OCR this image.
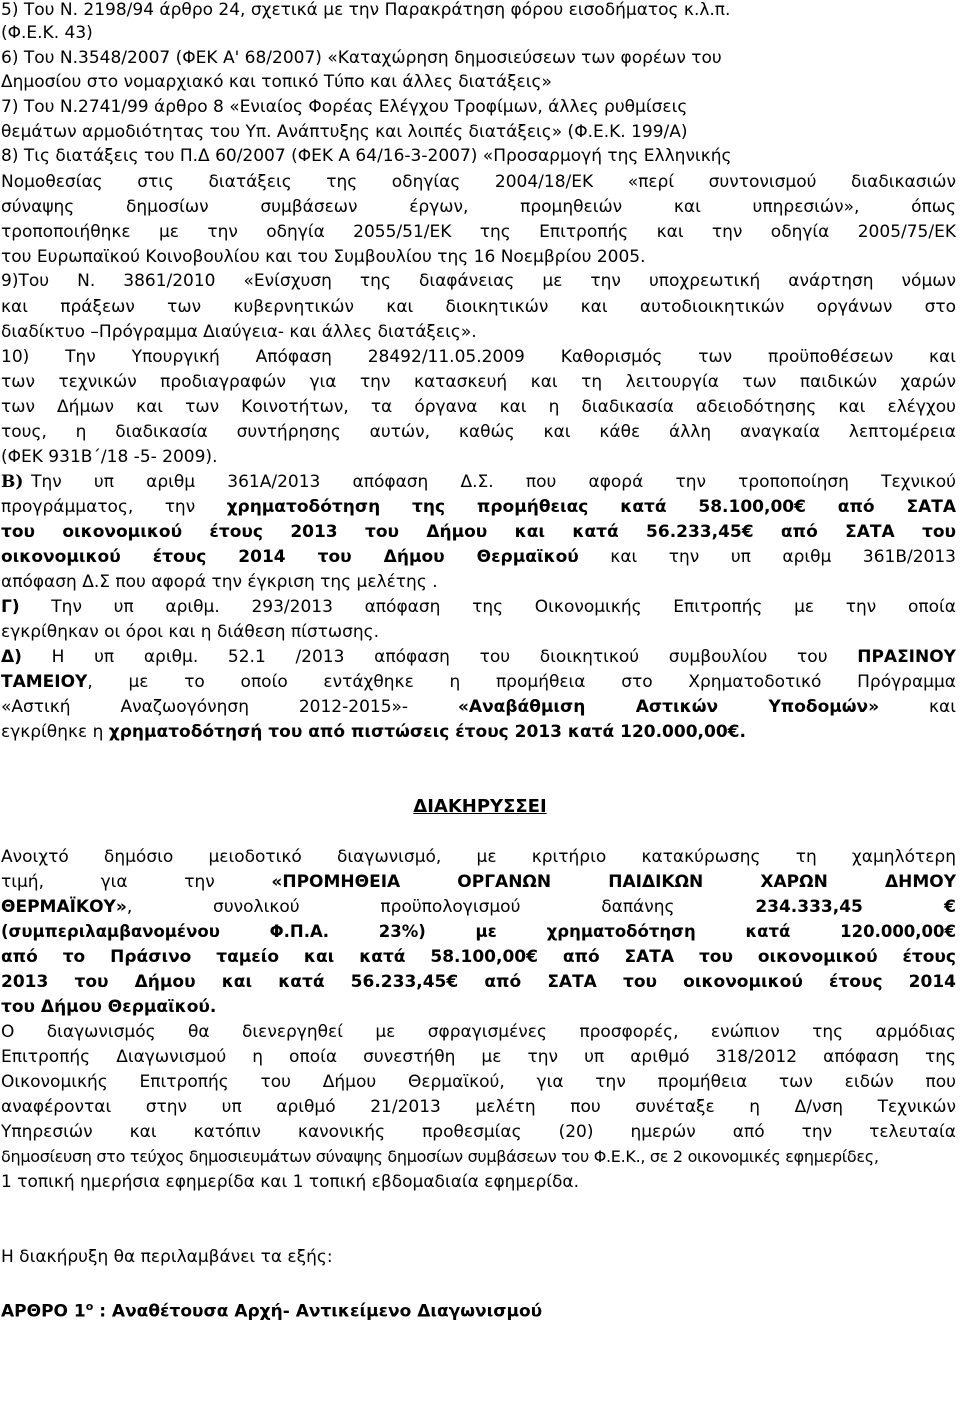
5) Του Ν. 2198/94 άρθρο 24, σχετικά με την Παρακράτηση φόρου εισοδήματος κ.λ.π.

(Φ.Ε.Κ. 43)

6) Του Ν.3548/2007 (ΦΕΚ Α' 68/2007) «Καταχώρηση δημοσιεύσεων των φορέων του

Δημοσίου στο νομαρχιακό και τοπικό Τύπο και άλλες διατάξεις»

7) Του Ν.2741/99 άρθρο 8 «Ενιαίος Φορέας Ελέγχου Τροφίμων, άλλες ρυθμίσεις

θεμάτων αρμοδιότητας του Υπ. Ανάπτυξης και λοιπές διατάξεις» (Φ.Ε.Κ. 199/Α)

8) Τις διατάξεις του Π.Δ 60/2007 (ΦΕΚ Α 64/16-3-2007) «Προσαρμογή της Ελληνικής

Νομοθεσίας στις διατάξεις της οδηγίας 2004/18/ΕΚ «περί συντονισμού διαδικασιών

σύναψης δημοσίων συμβάσεων έργων, προμηθειών και υπηρεσιών», όπως

τροποποιήθηκε με την οδηγία 2055/51/ΕΚ της Επιτροπής και την οδηγία 2005/75/ΕΚ

του Ευρωπαϊκού Κοινοβουλίου και του Συμβουλίου της 16 Νοεμβρίου 2005.

9)Του Ν. 3861/2010 «Ενίσχυση της διαφάνειας με την υποχρεωτική ανάρτηση νόμων

και πράξεων των κυβερνητικών και διοικητικών και αυτοδιοικητικών οργάνων στο

διαδίκτυο –Πρόγραμμα Διαύγεια- και άλλες διατάξεις».

10) Την Υπουργική Απόφαση 28492/11.05.2009 Καθορισμός των προϋποθέσεων και

των τεχνικών προδιαγραφών για την κατασκευή και τη λειτουργία των παιδικών χαρών

των Δήμων και των Κοινοτήτων, τα όργανα και η διαδικασία αδειοδότησης και ελέγχου

τους, η διαδικασία συντήρησης αυτών, καθώς και κάθε άλλη αναγκαία λεπτομέρεια

(ΦΕΚ 931Β΄/18 -5- 2009).

Β) Την υπ αριθμ 361Α/2013 απόφαση Δ.Σ. που αφορά την τροποποίηση Τεχνικού

προγράμματος, την χρηματοδότηση της προμήθειας κατά 58.100,00€ από ΣΑΤΑ

του οικονομικού έτους 2013 του Δήμου και κατά 56.233,45€ από ΣΑΤΑ του

οικονομικού έτους 2014 του Δήμου Θερμαϊκού και την υπ αριθμ 361Β/2013

απόφαση Δ.Σ που αφορά την έγκριση της μελέτης .

Γ) Την υπ αριθμ. 293/2013 απόφαση της Οικονομικής Επιτροπής με την οποία

εγκρίθηκαν οι όροι και η διάθεση πίστωσης.

Δ) Η υπ αριθμ. 52.1 /2013 απόφαση του διοικητικού συμβουλίου του ΠΡΑΣΙΝΟΥ

ΤΑΜΕΙΟΥ, με το οποίο εντάχθηκε η προμήθεια στο Χρηματοδοτικό Πρόγραμμα

«Αστική Αναζωογόνηση 2012-2015»- «Αναβάθμιση Αστικών Υποδομών» και

εγκρίθηκε η χρηματοδότησή του από πιστώσεις έτους 2013 κατά 120.000,00€.

ΔΙΑΚΗΡΥΣΣΕΙ

Ανοιχτό δημόσιο μειοδοτικό διαγωνισμό, με κριτήριο κατακύρωσης τη χαμηλότερη

τιμή, για την «ΠΡΟΜΗΘΕΙΑ ΟΡΓΑΝΩΝ ΠΑΙΔΙΚΩΝ ΧΑΡΩΝ ΔΗΜΟΥ

ΘΕΡΜΑΪΚΟΥ», συνολικού προϋπολογισμού δαπάνης 234.333,45 €

(συμπεριλαμβανομένου Φ.Π.Α. 23%) με χρηματοδότηση κατά 120.000,00€

από το Πράσινο ταμείο και κατά 58.100,00€ από ΣΑΤΑ του οικονομικού έτους

2013 του Δήμου και κατά 56.233,45€ από ΣΑΤΑ του οικονομικού έτους 2014

του Δήμου Θερμαϊκού.

Ο διαγωνισμός θα διενεργηθεί με σφραγισμένες προσφορές, ενώπιον της αρμόδιας

Επιτροπής Διαγωνισμού η οποία συνεστήθη με την υπ αριθμό 318/2012 απόφαση της

Οικονομικής Επιτροπής του Δήμου Θερμαϊκού, για την προμήθεια των ειδών που

αναφέρονται στην υπ αριθμό 21/2013 μελέτη που συνέταξε η Δ/νση Τεχνικών

Υπηρεσιών και κατόπιν κανονικής προθεσμίας (20) ημερών από την τελευταία

δημοσίευση στο τεύχος δημοσιευμάτων σύναψης δημοσίων συμβάσεων του Φ.Ε.Κ., σε 2 οικονομικές εφημερίδες,

1 τοπική ημερήσια εφημερίδα και 1 τοπική εβδομαδιαία εφημερίδα.

Η διακήρυξη θα περιλαμβάνει τα εξής:

ΑΡΘΡΟ $1^o$ : Αναθέτουσα Αρχή- Αντικείμενο Διαγωνισμού
